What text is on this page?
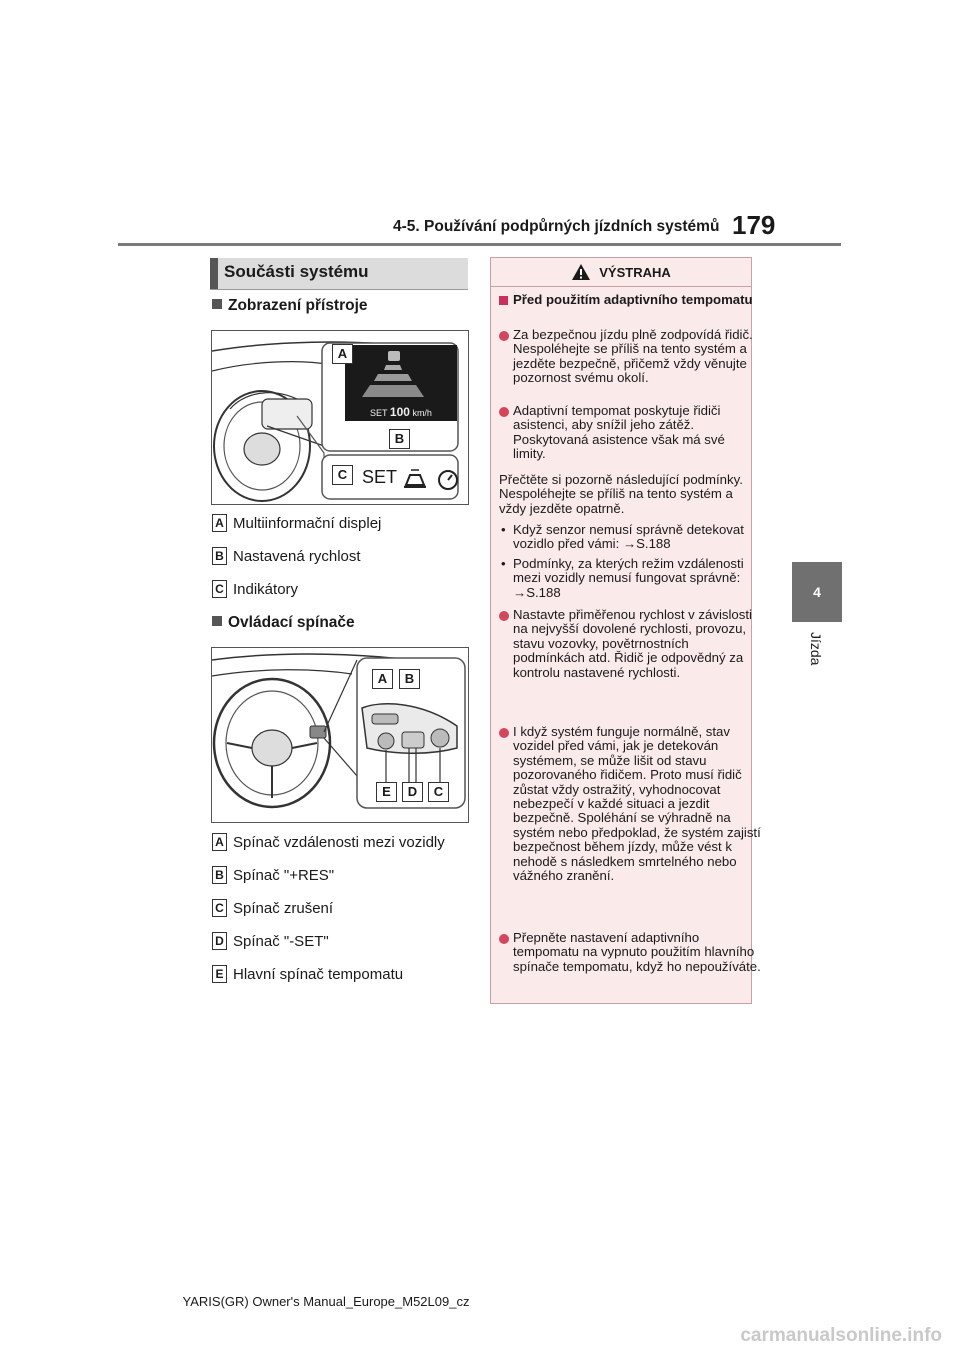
4-5. Používání podpůrných jízdních systémů 179
4
Jízda
Součásti systému
Zobrazení přístroje
SET 100 km/h
SET
A
B
C
A Multiinformační displej
B Nastavená rychlost
C Indikátory
Ovládací spínače
A	B
E	D	C
A Spínač vzdálenosti mezi vozidly
B Spínač "+RES"
C Spínač zrušení
D Spínač "-SET"
E Hlavní spínač tempomatu
VÝSTRAHA
Před použitím adaptivního tempomatu
Za bezpečnou jízdu plně zodpovídá řidič. Nespoléhejte se příliš na tento systém a jezděte bezpečně, přičemž vždy věnujte pozornost svému okolí.
Adaptivní tempomat poskytuje řidiči asistenci, aby snížil jeho zátěž. Poskytovaná asistence však má své limity.
Přečtěte si pozorně následující podmínky. Nespoléhejte se příliš na tento systém a vždy jezděte opatrně.
• Když senzor nemusí správně detekovat vozidlo před vámi: →S.188
• Podmínky, za kterých režim vzdálenosti mezi vozidly nemusí fungovat správně: →S.188
Nastavte přiměřenou rychlost v závislosti na nejvyšší dovolené rychlosti, provozu, stavu vozovky, povětrnostních podmínkách atd. Řidič je odpovědný za kontrolu nastavené rychlosti.
I když systém funguje normálně, stav vozidel před vámi, jak je detekován systémem, se může lišit od stavu pozorovaného řidičem. Proto musí řidič zůstat vždy ostražitý, vyhodnocovat nebezpečí v každé situaci a jezdit bezpečně. Spoléhání se výhradně na systém nebo předpoklad, že systém zajistí bezpečnost během jízdy, může vést k nehodě s následkem smrtelného nebo vážného zranění.
Přepněte nastavení adaptivního tempomatu na vypnuto použitím hlavního spínače tempomatu, když ho nepoužíváte.
YARIS(GR) Owner's Manual_Europe_M52L09_cz
carmanualsonline.info
